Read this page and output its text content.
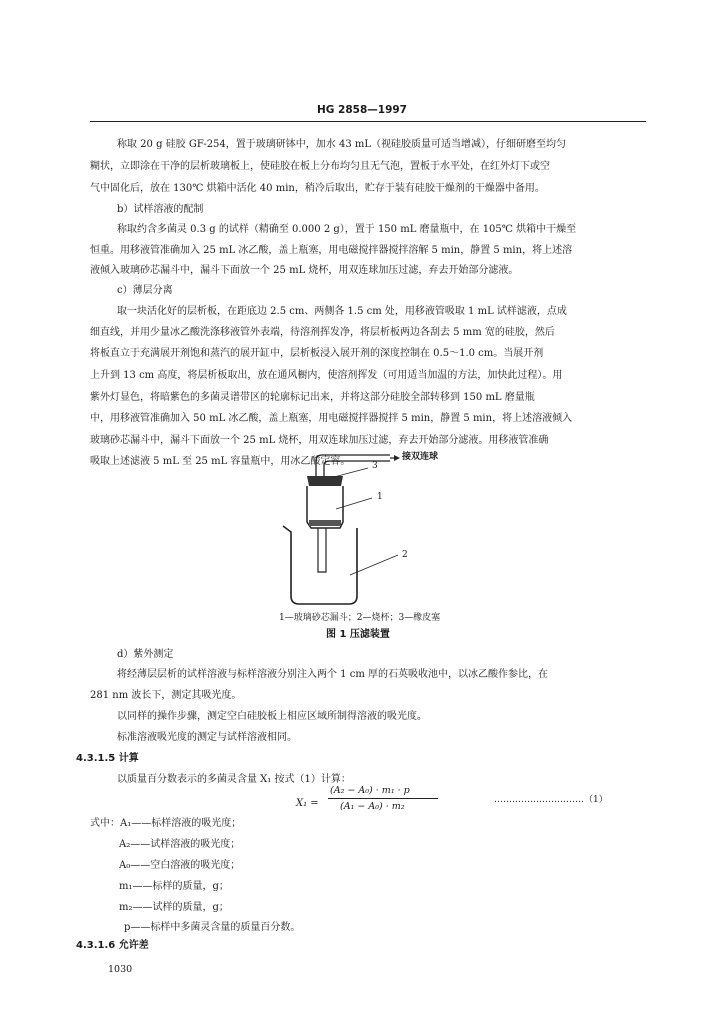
HG 2858—1997
称取 20 g 硅胶 GF-254，置于玻璃研钵中，加水 43 mL（视硅胶质量可适当增减），仔细研磨至均匀
糊状，立即涂在干净的层析玻璃板上，使硅胶在板上分布均匀且无气泡，置板于水平处，在红外灯下或空
气中固化后，放在 130℃ 烘箱中活化 40 min，稍冷后取出，贮存于装有硅胶干燥剂的干燥器中备用。
b）试样溶液的配制
称取约含多菌灵 0.3 g 的试样（精确至 0.000 2 g），置于 150 mL 磨量瓶中，在 105℃ 烘箱中干燥至
恒重。用移液管准确加入 25 mL 冰乙酸，盖上瓶塞，用电磁搅拌器搅拌溶解 5 min，静置 5 min，将上述溶
液倾入玻璃砂芯漏斗中，漏斗下面放一个 25 mL 烧杯，用双连球加压过滤，弃去开始部分滤液。
c）薄层分离
取一块活化好的层析板，在距底边 2.5 cm、两侧各 1.5 cm 处，用移液管吸取 1 mL 试样滤液，点成
细直线，并用少量冰乙酸洗涤移液管外表端，待溶剂挥发净，将层析板两边各刮去 5 mm 宽的硅胶，然后
将板直立于充满展开剂饱和蒸汽的展开缸中，层析板浸入展开剂的深度控制在 0.5～1.0 cm。当展开剂
上升到 13 cm 高度，将层析板取出，放在通风橱内，使溶剂挥发（可用适当加温的方法，加快此过程）。用
紫外灯显色，将暗紫色的多菌灵谱带区的轮廓标记出来，并将这部分硅胶全部转移到 150 mL 磨量瓶
中，用移液管准确加入 50 mL 冰乙酸，盖上瓶塞，用电磁搅拌器搅拌 5 min，静置 5 min，将上述溶液倾入
玻璃砂芯漏斗中，漏斗下面放一个 25 mL 烧杯，用双连球加压过滤，弃去开始部分滤液。用移液管准确
吸取上述滤液 5 mL 至 25 mL 容量瓶中，用冰乙酸定容。	接双连球
3
1
2
1—玻璃砂芯漏斗；2—烧杯；3—橡皮塞
图 1 压滤装置
d）紫外测定
将经薄层层析的试样溶液与标样溶液分别注入两个 1 cm 厚的石英吸收池中，以冰乙酸作参比，在
281 nm 波长下，测定其吸光度。
以同样的操作步骤，测定空白硅胶板上相应区域所制得溶液的吸光度。
标准溶液吸光度的测定与试样溶液相同。
4.3.1.5 计算
以质量百分数表示的多菌灵含量 X₁ 按式（1）计算：
X₁ =
(A₂ − A₀) · m₁ · p
(A₁ − A₀) · m₂
…………………………（1）
式中：A₁——标样溶液的吸光度；
A₂——试样溶液的吸光度；
A₀——空白溶液的吸光度；
m₁——标样的质量，g；
m₂——试样的质量，g；
p——标样中多菌灵含量的质量百分数。
4.3.1.6 允许差
1030
